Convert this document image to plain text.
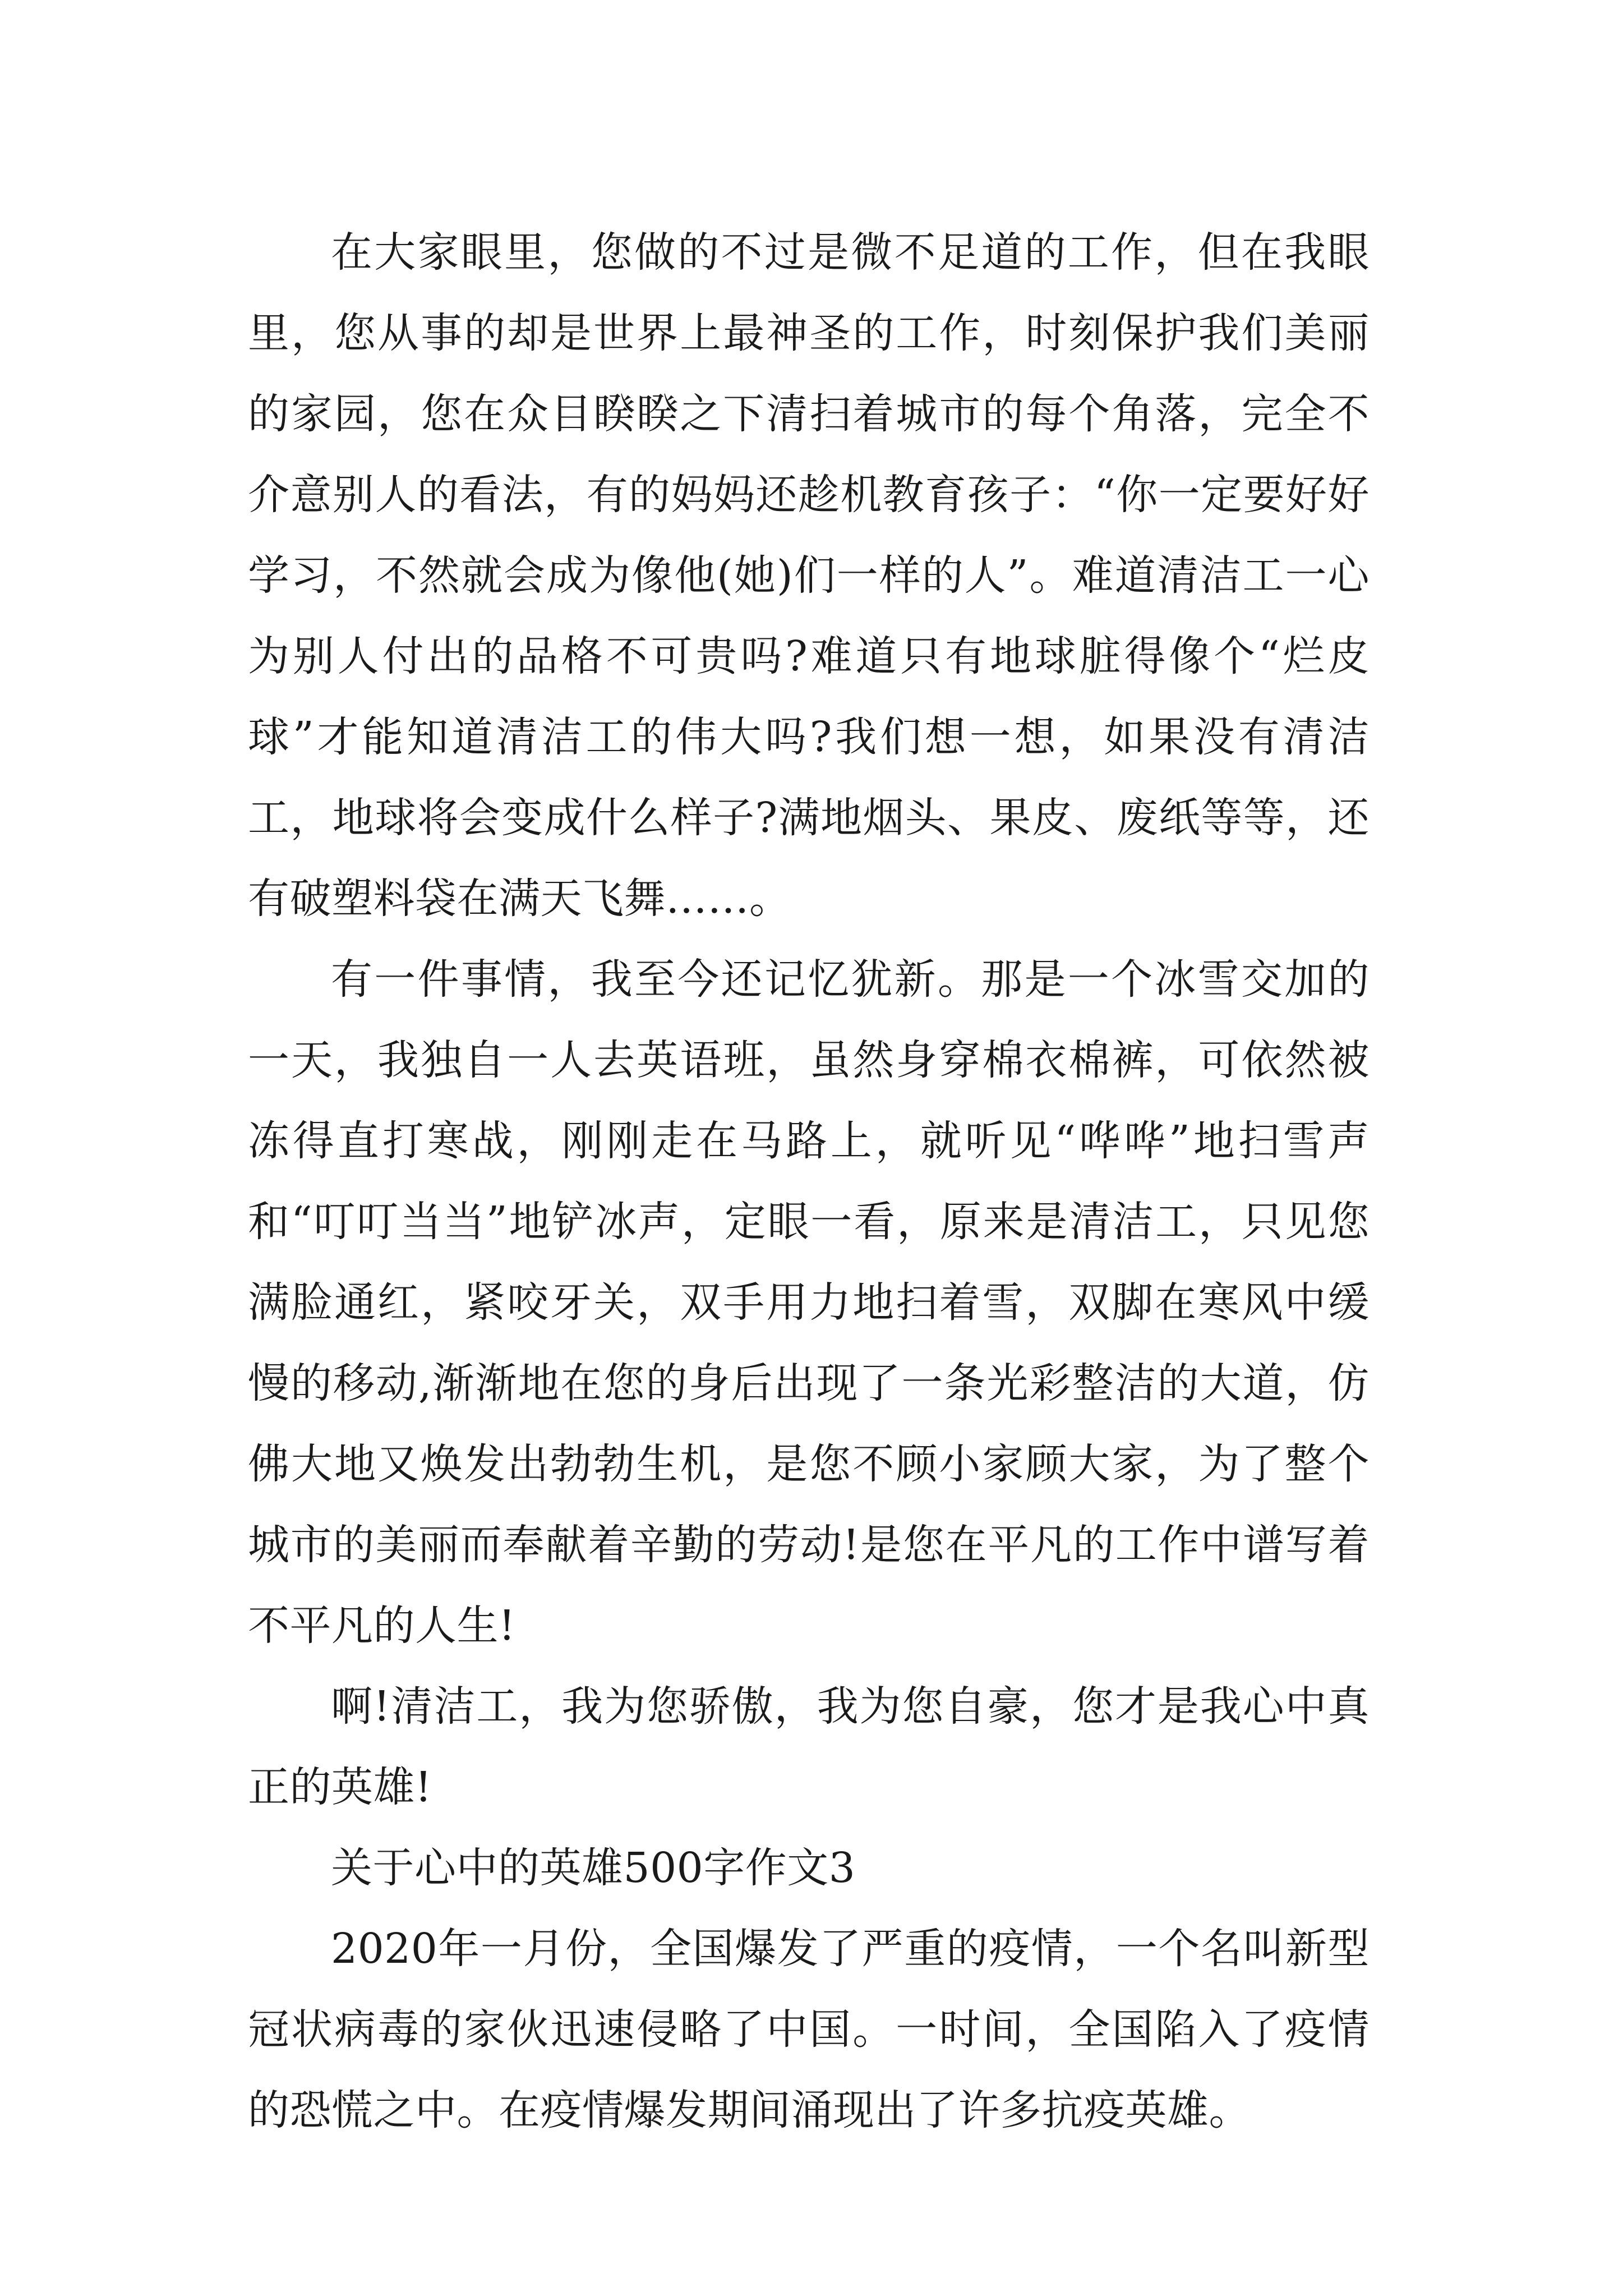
在大家眼里，您做的不过是微不足道的工作，但在我眼里，您从事的却是世界上最神圣的工作，时刻保护我们美丽的家园，您在众目睽睽之下清扫着城市的每个角落，完全不介意别人的看法，有的妈妈还趁机教育孩子：“你一定要好好学习，不然就会成为像他(她)们一样的人”。难道清洁工一心为别人付出的品格不可贵吗?难道只有地球脏得像个“烂皮球”才能知道清洁工的伟大吗?我们想一想，如果没有清洁工，地球将会变成什么样子?满地烟头、果皮、废纸等等，还有破塑料袋在满天飞舞……。

有一件事情，我至今还记忆犹新。那是一个冰雪交加的一天，我独自一人去英语班，虽然身穿棉衣棉裤，可依然被冻得直打寒战，刚刚走在马路上，就听见“哗哗”地扫雪声和“叮叮当当”地铲冰声，定眼一看，原来是清洁工，只见您满脸通红，紧咬牙关，双手用力地扫着雪，双脚在寒风中缓慢的移动,渐渐地在您的身后出现了一条光彩整洁的大道，仿佛大地又焕发出勃勃生机，是您不顾小家顾大家，为了整个城市的美丽而奉献着辛勤的劳动!是您在平凡的工作中谱写着不平凡的人生!

啊!清洁工，我为您骄傲，我为您自豪，您才是我心中真正的英雄!

关于心中的英雄500字作文3

2020年一月份，全国爆发了严重的疫情，一个名叫新型冠状病毒的家伙迅速侵略了中国。一时间，全国陷入了疫情的恐慌之中。在疫情爆发期间涌现出了许多抗疫英雄。
